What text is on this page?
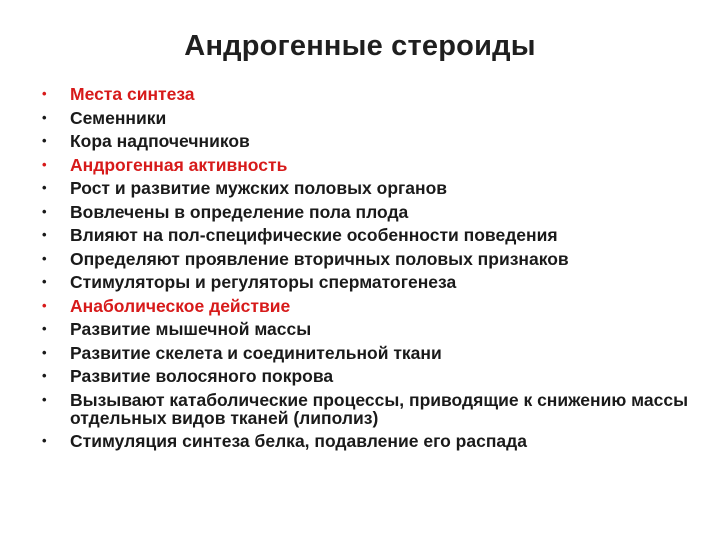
Андрогенные стероиды
• Места синтеза
• Семенники
• Кора надпочечников
• Андрогенная активность
• Рост и развитие мужских половых органов
• Вовлечены в определение пола плода
• Влияют на пол-специфические особенности поведения
• Определяют проявление вторичных половых признаков
• Стимуляторы и регуляторы сперматогенеза
• Анаболическое действие
• Развитие мышечной массы
• Развитие скелета и соединительной ткани
• Развитие волосяного покрова
• Вызывают катаболические процессы, приводящие к снижению массы отдельных видов тканей (липолиз)
• Стимуляция синтеза белка, подавление его распада
